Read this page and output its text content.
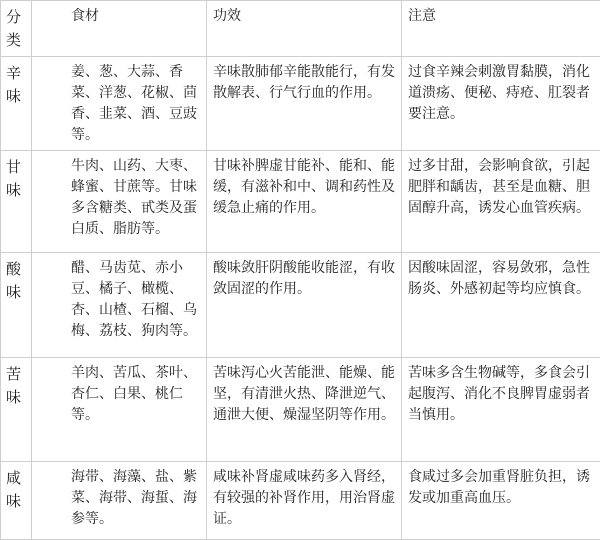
分类	食材	功效	注意
辛味	姜、葱、大蒜、香菜、洋葱、花椒、茴香、韭菜、酒、豆豉等。	辛味散肺郁辛能散能行，有发散解表、行气行血的作用。	过食辛辣会刺激胃黏膜，消化道溃疡、便秘、痔疮、肛裂者要注意。
甘味	牛肉、山药、大枣、蜂蜜、甘蔗等。甘味多含糖类、甙类及蛋白质、脂肪等。	甘味补脾虚甘能补、能和、能缓，有滋补和中、调和药性及缓急止痛的作用。	过多甘甜，会影响食欲，引起肥胖和龋齿，甚至是血糖、胆固醇升高，诱发心血管疾病。
酸味	醋、马齿苋、赤小豆、橘子、橄榄、杏、山楂、石榴、乌梅、荔枝、狗肉等。	酸味敛肝阴酸能收能涩，有收敛固涩的作用。	因酸味固涩，容易敛邪，急性肠炎、外感初起等均应慎食。
苦味	羊肉、苦瓜、茶叶、杏仁、白果、桃仁等。	苦味泻心火苦能泄、能燥、能坚，有清泄火热、降泄逆气、通泄大便、燥湿坚阴等作用。	苦味多含生物碱等，多食会引起腹泻、消化不良脾胃虚弱者当慎用。
咸味	海带、海藻、盐、紫菜、海带、海蜇、海参等。	咸味补肾虚咸味药多入肾经，有较强的补肾作用，用治肾虚证。	食咸过多会加重肾脏负担，诱发或加重高血压。
